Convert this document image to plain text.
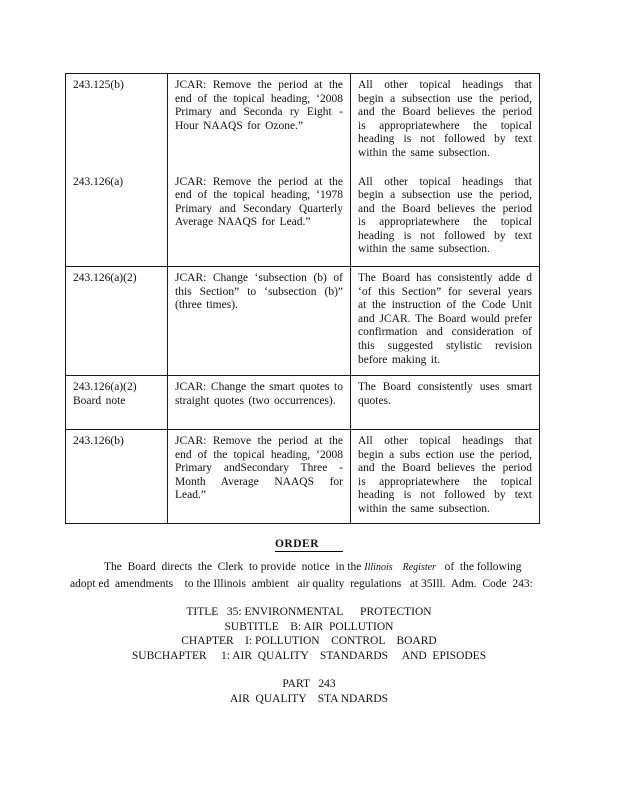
243.125(b)	JCAR: Remove the period at the end of the topical heading, ‘2008 Primary and Seconda ry Eight - Hour NAAQS for Ozone.”	All other topical headings that begin a subsection use the period, and the Board believes the period is appropriatewhere the topical heading is not followed by text within the same subsection.

243.126(a)	JCAR: Remove the period at the end of the topical heading, ‘1978 Primary and Secondary Quarterly Average NAAQS for Lead.”	All other topical headings that begin a subsection use the period, and the Board believes the period is appropriatewhere the topical heading is not followed by text within the same subsection.

243.126(a)(2)	JCAR: Change ‘subsection (b) of this Section” to ‘subsection (b)” (three times).	The Board has consistently adde d ‘of this Section” for several years at the instruction of the Code Unit and JCAR. The Board would prefer confirmation and consideration of this suggested stylistic revision before making it.

243.126(a)(2) Board note	JCAR: Change the smart quotes to straight quotes (two occurrences).	The Board consistently uses smart quotes.

243.126(b)	JCAR: Remove the period at the end of the topical heading, ‘2008 Primary andSecondary Three - Month Average NAAQS for Lead.”	All other topical headings that begin a subs ection use the period, and the Board believes the period is appropriatewhere the topical heading is not followed by text within the same subsection.
ORDER
The  Board  directs  the  Clerk  to provide  notice  in the Illinois    Register   of  the following
adopt ed  amendments    to the Illinois  ambient   air quality  regulations   at 35Ill.  Adm.  Code  243:
TITLE   35: ENVIRONMENTAL      PROTECTION
SUBTITLE    B: AIR  POLLUTION
CHAPTER    I: POLLUTION    CONTROL    BOARD
SUBCHAPTER     1: AIR  QUALITY    STANDARDS     AND  EPISODES
PART   243
AIR  QUALITY    STA NDARDS
